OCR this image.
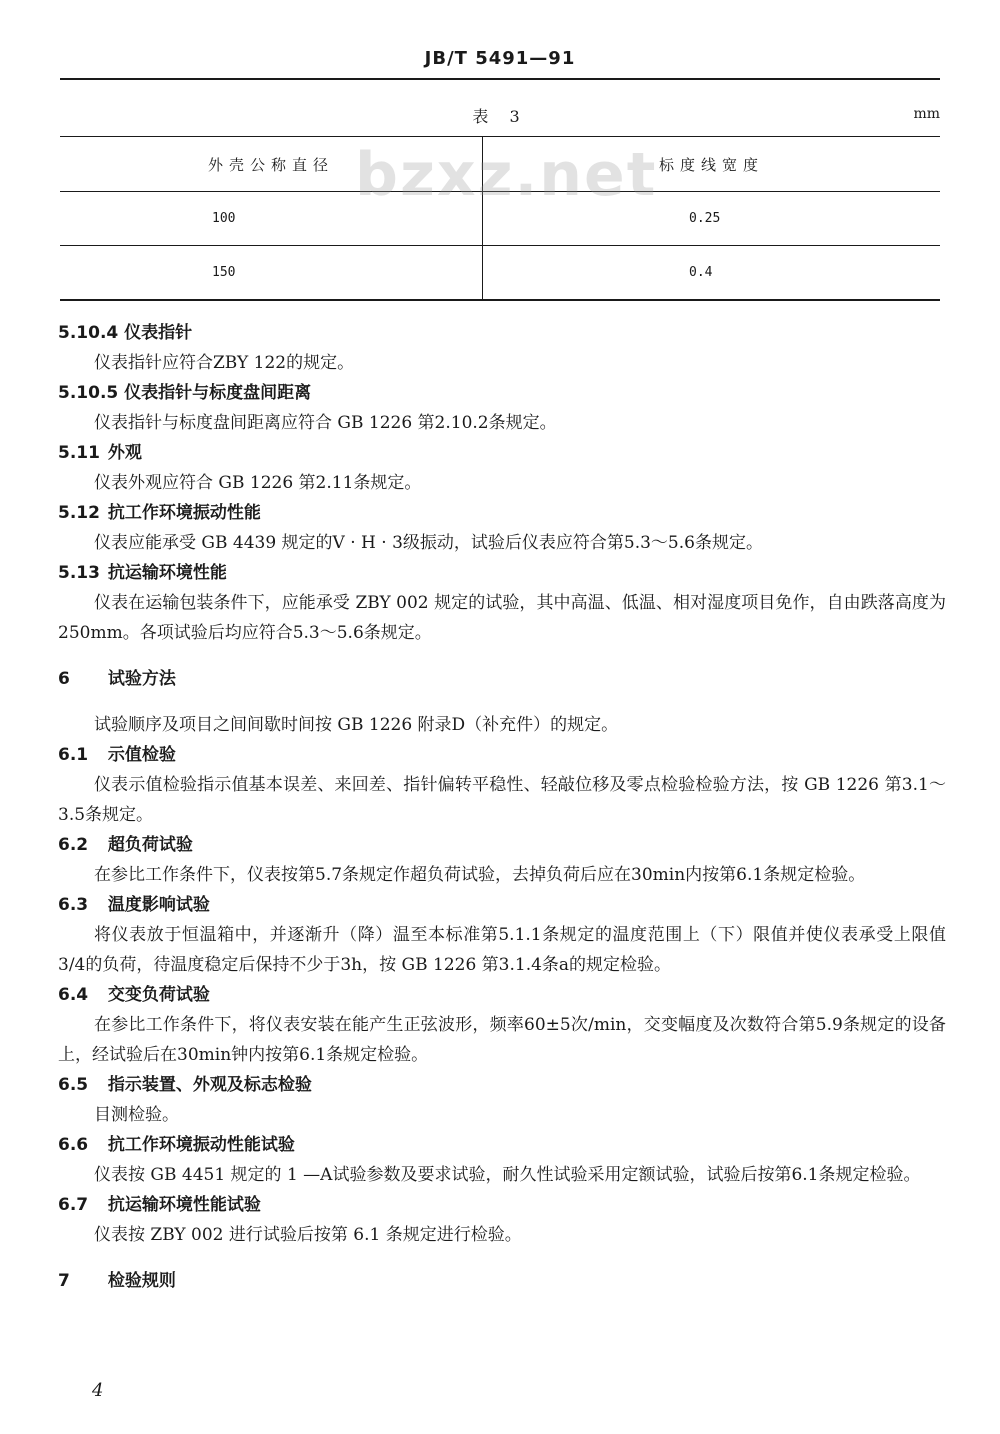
JB/T 5491—91
表 3	mm
外壳公称直径	标度线宽度
100	0.25
150	0.4
bzxz.net
5.10.4 仪表指针
仪表指针应符合ZBY 122的规定。
5.10.5 仪表指针与标度盘间距离
仪表指针与标度盘间距离应符合 GB 1226 第2.10.2条规定。
5.11 外观
仪表外观应符合 GB 1226 第2.11条规定。
5.12 抗工作环境振动性能
仪表应能承受 GB 4439 规定的V · H · 3级振动，试验后仪表应符合第5.3～5.6条规定。
5.13 抗运输环境性能
仪表在运输包装条件下，应能承受 ZBY 002 规定的试验，其中高温、低温、相对湿度项目免作，自由跌落高度为250mm。各项试验后均应符合5.3～5.6条规定。
6 试验方法
试验顺序及项目之间间歇时间按 GB 1226 附录D（补充件）的规定。
6.1 示值检验
仪表示值检验指示值基本误差、来回差、指针偏转平稳性、轻敲位移及零点检验检验方法，按 GB 1226 第3.1～3.5条规定。
6.2 超负荷试验
在参比工作条件下，仪表按第5.7条规定作超负荷试验，去掉负荷后应在30min内按第6.1条规定检验。
6.3 温度影响试验
将仪表放于恒温箱中，并逐渐升（降）温至本标准第5.1.1条规定的温度范围上（下）限值并使仪表承受上限值3/4的负荷，待温度稳定后保持不少于3h，按 GB 1226 第3.1.4条a的规定检验。
6.4 交变负荷试验
在参比工作条件下，将仪表安装在能产生正弦波形，频率60±5次/min，交变幅度及次数符合第5.9条规定的设备上，经试验后在30min钟内按第6.1条规定检验。
6.5 指示装置、外观及标志检验
目测检验。
6.6 抗工作环境振动性能试验
仪表按 GB 4451 规定的 1 —A试验参数及要求试验，耐久性试验采用定额试验，试验后按第6.1条规定检验。
6.7 抗运输环境性能试验
仪表按 ZBY 002 进行试验后按第 6.1 条规定进行检验。
7 检验规则
4
